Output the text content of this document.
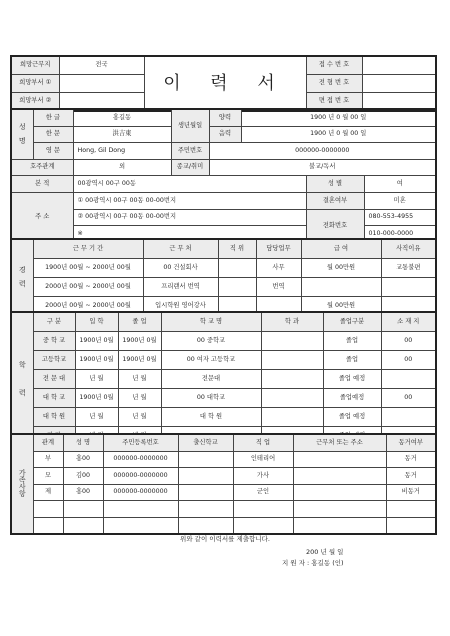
희망근무지	전국	이 력 서	접 수 번 호	
희망부서 ①			전 형 번 호	
희망부서 ②			면 접 번 호	
성

명	한 글	홍길동	생년월일	양력	1900 년 0 월 00 일		
	한 문	洪吉東		음력	1900 년 0 월 00 일		
	영 문	Hong, Gil Dong	주민번호	000000-0000000			
호주관계		외	종교/취미	불교/독서			
본 적		00광역시 00구 00동				성 별	여
주 소		① 00광역시 00구 00동 00-00번지				결혼여부	미혼
		② 00광역시 00구 00동 00-00번지				전화번호	080-553-4955
		※					010-000-0000
경

력	근 무 기 간	근 무 처	직 위	담당업무	급 여	사직이유
	1900년 00월 ~ 2000년 00월	00 건설회사		사무	월 00만원	교통불편
	2000년 00월 ~ 2000년 00월	프리랜서 번역		번역		
	2000년 00월 ~ 2000년 00월	입시학원 영어강사			월 00만원	
학

력	구 분	입 학	졸 업	학 교 명	학 과	졸업구분	소 재 지
	중 학 교	1900년 0월	1900년 0월	00 중학교		졸업	00
	고등학교	1900년 0월	1900년 0월	00 여자 고등학교		졸업	00
	전 문 대	년 월	년 월	전문대		졸업 예정	
	대 학 교	1900년 0월	년 월	00 대학교		졸업예정	00
	대 학 원	년 월	년 월	대 학 원		졸업 예정	

가
족
사
항	관계	성 명	주민등록번호	출신학교	직 업	근무처 또는 주소	동거여부
	부	홍00	000000-0000000		인테리어		동거
	모	김00	000000-0000000		가사		동거
	제	홍00	000000-0000000		군인		비동거

위와 같이 이력서를 제출합니다.
200 년 월 일
지 원 자 : 홍길동 (인)
